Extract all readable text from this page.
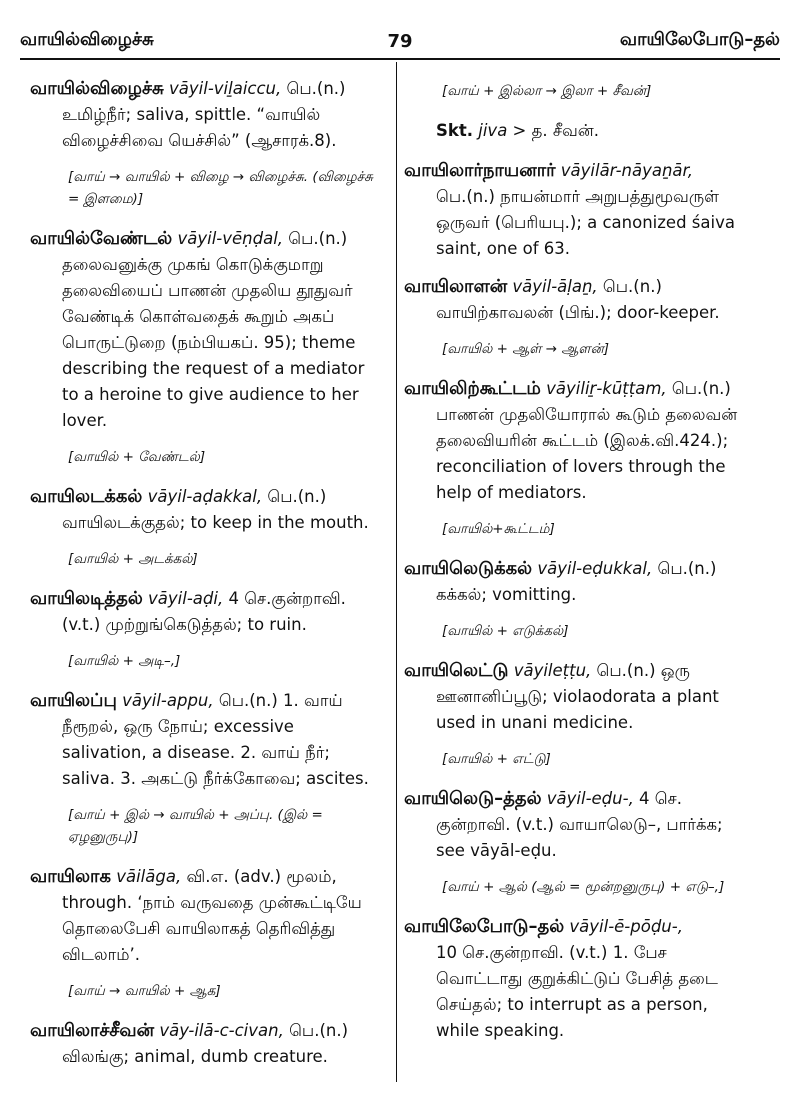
வாயில்விழைச்சு	79	வாயிலேபோடு–தல்
வாயில்விழைச்சு vāyil-viḻaiccu, பெ.(n.)
உமிழ்நீர்; saliva, spittle. “வாயில் விழைச்சிவை யெச்சில்” (ஆசாரக்.8).
[வாய் → வாயில் + விழை → விழைச்சு. (விழைச்சு = இளமை)]
வாயில்வேண்டல் vāyil-vēṇḍal, பெ.(n.)
தலைவனுக்கு முகங் கொடுக்குமாறு தலைவியைப் பாணன் முதலிய தூதுவர் வேண்டிக் கொள்வதைக் கூறும் அகப் பொருட்டுறை (நம்பியகப். 95); theme describing the request of a mediator to a heroine to give audience to her lover.
[வாயில் + வேண்டல்]
வாயிலடக்கல் vāyil-aḍakkal, பெ.(n.)
வாயிலடக்குதல்; to keep in the mouth.
[வாயில் + அடக்கல்]
வாயிலடித்தல் vāyil-aḍi, 4 செ.குன்றாவி.
(v.t.) முற்றுங்கெடுத்தல்; to ruin.
[வாயில் + அடி–,]
வாயிலப்பு vāyil-appu, பெ.(n.) 1. வாய்
நீரூறல், ஒரு நோய்; excessive salivation, a disease. 2. வாய் நீர்; saliva. 3. அகட்டு நீர்க்கோவை; ascites.
[வாய் + இல் → வாயில் + அப்பு. (இல் = ஏழனுருபு)]
வாயிலாக vāilāga, வி.எ. (adv.) மூலம்,
through. ‘நாம் வருவதை முன்கூட்டியே தொலைபேசி வாயிலாகத் தெரிவித்து விடலாம்’.
[வாய் → வாயில் + ஆக]
வாயிலாச்சீவன் vāy-ilā-c-civan, பெ.(n.)
விலங்கு; animal, dumb creature.
[வாய் + இல்லா → இலா + சீவன்]
Skt. jiva > த. சீவன்.
வாயிலார்நாயனார் vāyilār-nāyaṉār,
பெ.(n.) நாயன்மார் அறுபத்துமூவருள் ஒருவர் (பெரியபு.); a canonized śaiva saint, one of 63.
வாயிலாளன் vāyil-āḷaṉ, பெ.(n.)
வாயிற்காவலன் (பிங்.); door-keeper.
[வாயில் + ஆள் → ஆளன்]
வாயிலிற்கூட்டம் vāyiliṟ-kūṭṭam, பெ.(n.)
பாணன் முதலியோரால் கூடும் தலைவன் தலைவியரின் கூட்டம் (இலக்.வி.424.); reconciliation of lovers through the help of mediators.
[வாயில்+கூட்டம்]
வாயிலெடுக்கல் vāyil-eḍukkal, பெ.(n.)
கக்கல்; vomitting.
[வாயில் + எடுக்கல்]
வாயிலெட்டு vāyileṭṭu, பெ.(n.) ஒரு
ஊனானிப்பூடு; violaodorata a plant used in unani medicine.
[வாயில் + எட்டு]
வாயிலெடு–த்தல் vāyil-eḍu-, 4 செ.
குன்றாவி. (v.t.) வாயாலெடு–, பார்க்க; see vāyāl-eḍu.
[வாய் + ஆல் (ஆல் = மூன்றனுருபு) + எடு–,]
வாயிலேபோடு–தல் vāyil-ē-pōḍu-,
10 செ.குன்றாவி. (v.t.) 1. பேச வொட்டாது குறுக்கிட்டுப் பேசித் தடை செய்தல்; to interrupt as a person, while speaking.
